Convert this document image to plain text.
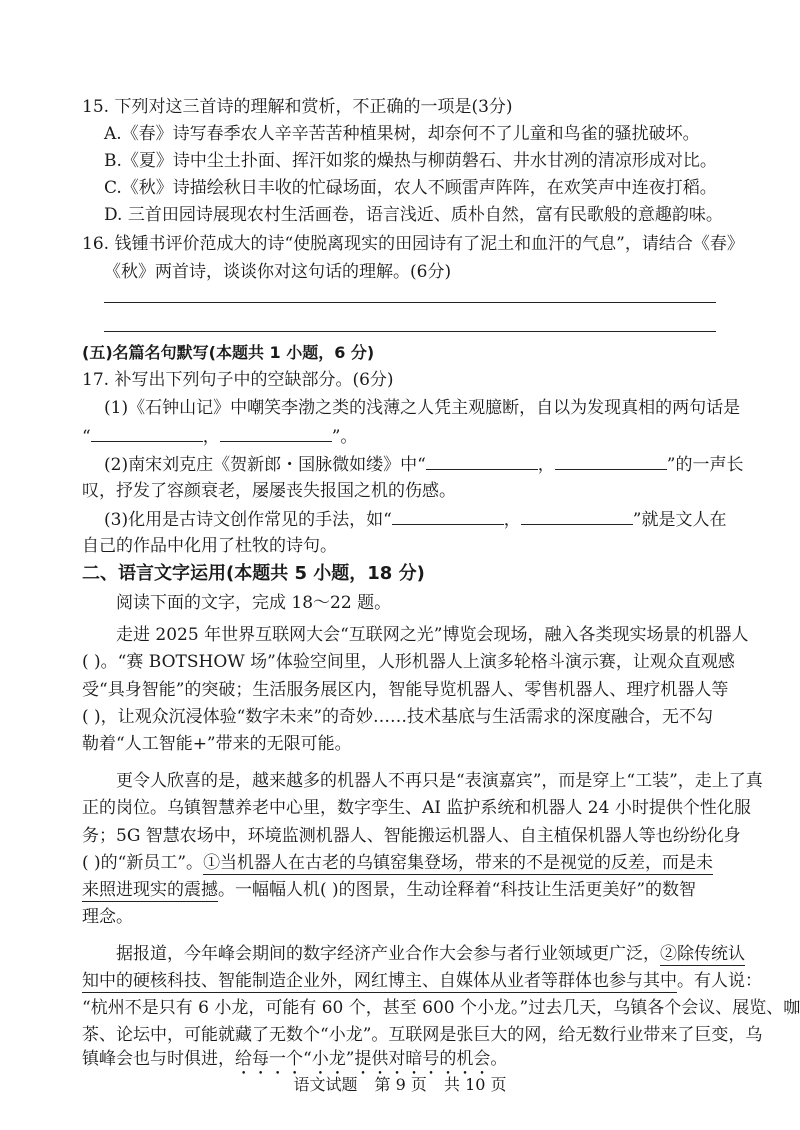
15. 下列对这三首诗的理解和赏析，不正确的一项是(3分)
A.《春》诗写春季农人辛辛苦苦种植果树，却奈何不了儿童和鸟雀的骚扰破坏。
B.《夏》诗中尘土扑面、挥汗如浆的燥热与柳荫磐石、井水甘冽的清凉形成对比。
C.《秋》诗描绘秋日丰收的忙碌场面，农人不顾雷声阵阵，在欢笑声中连夜打稻。
D. 三首田园诗展现农村生活画卷，语言浅近、质朴自然，富有民歌般的意趣韵味。
16. 钱锺书评价范成大的诗“使脱离现实的田园诗有了泥土和血汗的气息”，请结合《春》
《秋》两首诗，谈谈你对这句话的理解。(6分)
(五)名篇名句默写(本题共 1 小题，6 分)
17. 补写出下列句子中的空缺部分。(6分)
(1)《石钟山记》中嘲笑李渤之类的浅薄之人凭主观臆断，自以为发现真相的两句话是
“	，	”。
(2)南宋刘克庄《贺新郎・国脉微如缕》中“	，	”的一声长
叹，抒发了容颜衰老，屡屡丧失报国之机的伤感。
(3)化用是古诗文创作常见的手法，如“	，	”就是文人在
自己的作品中化用了杜牧的诗句。
二、语言文字运用(本题共 5 小题，18 分)
阅读下面的文字，完成 18～22 题。
走进 2025 年世界互联网大会“互联网之光”博览会现场，融入各类现实场景的机器人
( )。“赛 BOTSHOW 场”体验空间里，人形机器人上演多轮格斗演示赛，让观众直观感
受“具身智能”的突破；生活服务展区内，智能导览机器人、零售机器人、理疗机器人等
( )，让观众沉浸体验“数字未来”的奇妙……技术基底与生活需求的深度融合，无不勾
勒着“人工智能+”带来的无限可能。
更令人欣喜的是，越来越多的机器人不再只是“表演嘉宾”，而是穿上“工装”，走上了真
正的岗位。乌镇智慧养老中心里，数字孪生、AI 监护系统和机器人 24 小时提供个性化服
务；5G 智慧农场中，环境监测机器人、智能搬运机器人、自主植保机器人等也纷纷化身
( )的“新员工”。①当机器人在古老的乌镇窑集登场，带来的不是视觉的反差，而是未
来照进现实的震撼。一幅幅人机( )的图景，生动诠释着“科技让生活更美好”的数智
理念。
据报道，今年峰会期间的数字经济产业合作大会参与者行业领域更广泛，②除传统认
知中的硬核科技、智能制造企业外，网红博主、自媒体从业者等群体也参与其中。有人说：
“杭州不是只有 6 小龙，可能有 60 个，甚至 600 个小龙。”过去几天，乌镇各个会议、展览、咖
茶、论坛中，可能就藏了无数个“小龙”。互联网是张巨大的网，给无数行业带来了巨变，乌
镇峰会也与时俱进，给每一个“小龙”提供对暗号的机会。
语文试题 第 9 页 共 10 页
